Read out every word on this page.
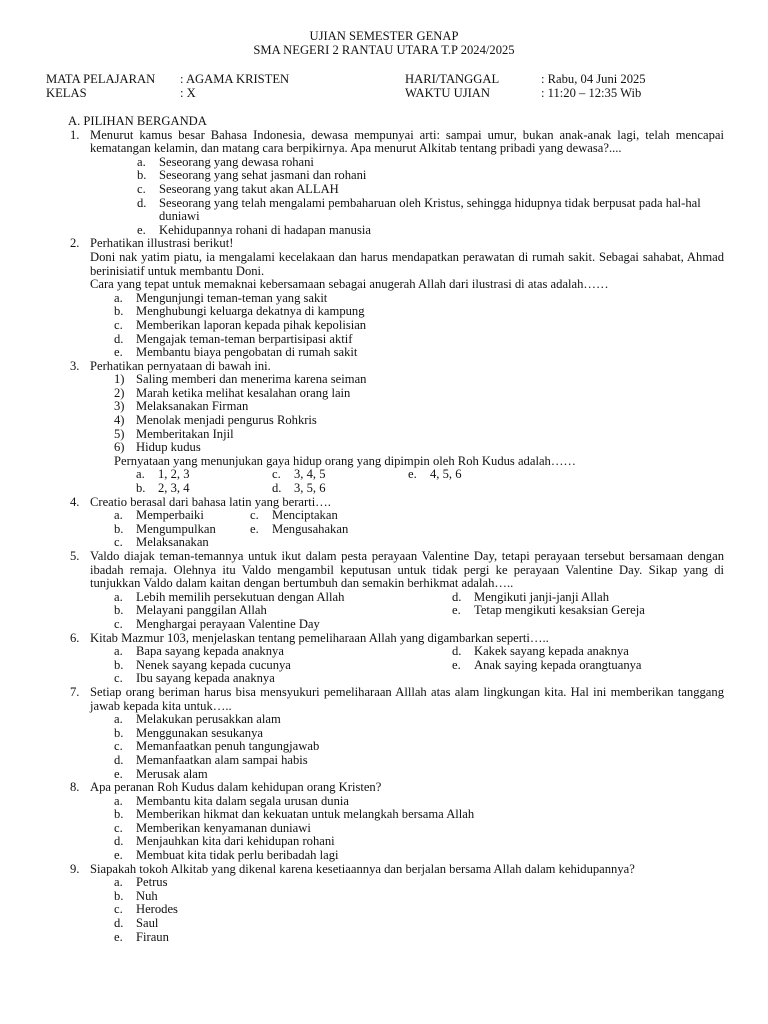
UJIAN SEMESTER GENAP
SMA NEGERI 2 RANTAU UTARA T.P 2024/2025
MATA PELAJARAN	: AGAMA KRISTEN	HARI/TANGGAL	: Rabu, 04 Juni 2025
KELAS	: X	WAKTU UJIAN	: 11:20 – 12:35 Wib
A. PILIHAN BERGANDA
1. Menurut kamus besar Bahasa Indonesia, dewasa mempunyai arti: sampai umur, bukan anak-anak lagi, telah mencapai kematangan kelamin, dan matang cara berpikirnya. Apa menurut Alkitab tentang pribadi yang dewasa?....
a.	Seseorang yang dewasa rohani
b. Seseorang yang sehat jasmani dan rohani
c.	Seseorang yang takut akan ALLAH
d. Seseorang yang telah mengalami pembaharuan oleh Kristus, sehingga hidupnya tidak berpusat pada hal-hal duniawi
e.	Kehidupannya rohani di hadapan manusia
2. Perhatikan illustrasi berikut!
Doni nak yatim piatu, ia mengalami kecelakaan dan harus mendapatkan perawatan di rumah sakit. Sebagai sahabat, Ahmad berinisiatif untuk membantu Doni.
Cara yang tepat untuk memaknai kebersamaan sebagai anugerah Allah dari ilustrasi di atas adalah……
a.	Mengunjungi teman-teman yang sakit
b. Menghubungi keluarga dekatnya di kampung
c.	Memberikan laporan kepada pihak kepolisian
d. Mengajak teman-teman berpartisipasi aktif
e.	Membantu biaya pengobatan di rumah sakit
3. Perhatikan pernyataan di bawah ini.
1) Saling memberi dan menerima karena seiman
2) Marah ketika melihat kesalahan orang lain
3) Melaksanakan Firman
4) Menolak menjadi pengurus Rohkris
5) Memberitakan Injil
6) Hidup kudus
Pernyataan yang menunjukan gaya hidup orang yang dipimpin oleh Roh Kudus adalah……
a.	1, 2, 3	c.	3, 4, 5	e.	4, 5, 6
b. 2, 3, 4	d. 3, 5, 6
4. Creatio berasal dari bahasa latin yang berarti….
a.	Memperbaiki	c.	Menciptakan
b. Mengumpulkan	e.	Mengusahakan
c.	Melaksanakan
5. Valdo diajak teman-temannya untuk ikut dalam pesta perayaan Valentine Day, tetapi perayaan tersebut bersamaan dengan ibadah remaja. Olehnya itu Valdo mengambil keputusan untuk tidak pergi ke perayaan Valentine Day. Sikap yang di tunjukkan Valdo dalam kaitan dengan bertumbuh dan semakin berhikmat adalah…..
a.	Lebih memilih persekutuan dengan Allah	d. Mengikuti janji-janji Allah
b. Melayani panggilan Allah	e.	Tetap mengikuti kesaksian Gereja
c.	Menghargai perayaan Valentine Day
6. Kitab Mazmur 103, menjelaskan tentang pemeliharaan Allah yang digambarkan seperti…..
a.	Bapa sayang kepada anaknya	d. Kakek sayang kepada anaknya
b. Nenek sayang kepada cucunya	e.	Anak saying kepada orangtuanya
c.	Ibu sayang kepada anaknya
7. Setiap orang beriman harus bisa mensyukuri pemeliharaan Alllah atas alam lingkungan kita. Hal ini memberikan tanggang jawab kepada kita untuk…..
a.	Melakukan perusakkan alam
b. Menggunakan sesukanya
c.	Memanfaatkan penuh tangungjawab
d. Memanfaatkan alam sampai habis
e.	Merusak alam
8. Apa peranan Roh Kudus dalam kehidupan orang Kristen?
a.	Membantu kita dalam segala urusan dunia
b. Memberikan hikmat dan kekuatan untuk melangkah bersama Allah
c.	Memberikan kenyamanan duniawi
d. Menjauhkan kita dari kehidupan rohani
e.	Membuat kita tidak perlu beribadah lagi
9. Siapakah tokoh Alkitab yang dikenal karena kesetiaannya dan berjalan bersama Allah dalam kehidupannya?
a.	Petrus
b. Nuh
c.	Herodes
d. Saul
e.	Firaun
